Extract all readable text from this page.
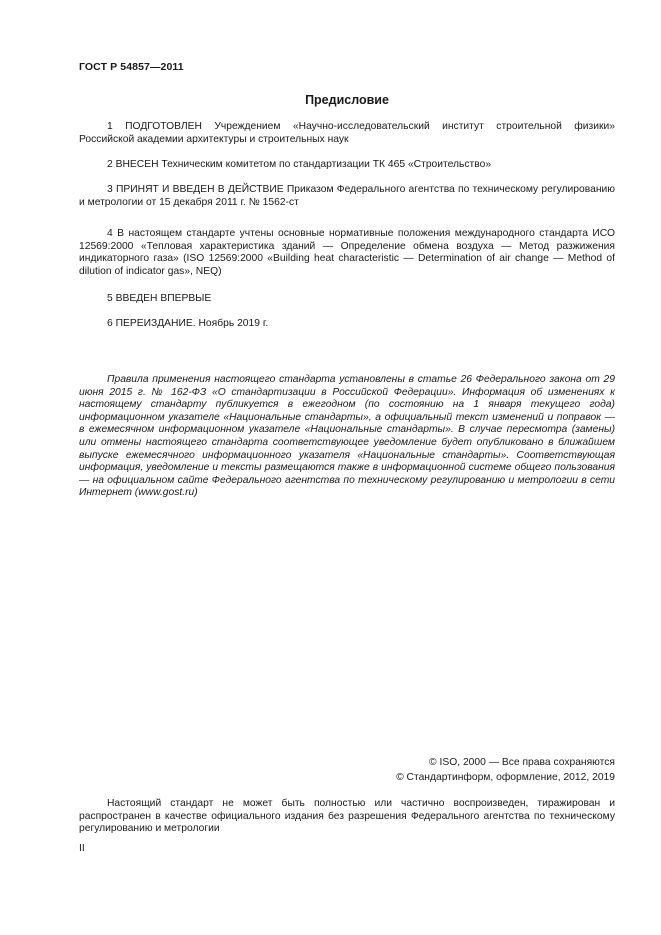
ГОСТ Р 54857—2011
Предисловие

1 ПОДГОТОВЛЕН Учреждением «Научно-исследовательский институт строительной физики» Российской академии архитектуры и строительных наук

2 ВНЕСЕН Техническим комитетом по стандартизации ТК 465 «Строительство»

3 ПРИНЯТ И ВВЕДЕН В ДЕЙСТВИЕ Приказом Федерального агентства по техническому регулированию и метрологии от 15 декабря 2011 г. № 1562-ст

4 В настоящем стандарте учтены основные нормативные положения международного стандарта ИСО 12569:2000 «Тепловая характеристика зданий — Определение обмена воздуха — Метод разжижения индикаторного газа» (ISO 12569:2000 «Building heat characteristic — Determination of air change — Method of dilution of indicator gas», NEQ)

5 ВВЕДЕН ВПЕРВЫЕ

6 ПЕРЕИЗДАНИЕ. Ноябрь 2019 г.

Правила применения настоящего стандарта установлены в статье 26 Федерального закона от 29 июня 2015 г. № 162-ФЗ «О стандартизации в Российской Федерации». Информация об изменениях к настоящему стандарту публикуется в ежегодном (по состоянию на 1 января текущего года) информационном указателе «Национальные стандарты», а официальный текст изменений и поправок — в ежемесячном информационном указателе «Национальные стандарты». В случае пересмотра (замены) или отмены настоящего стандарта соответствующее уведомление будет опубликовано в ближайшем выпуске ежемесячного информационного указателя «Национальные стандарты». Соответствующая информация, уведомление и тексты размещаются также в информационной системе общего пользования — на официальном сайте Федерального агентства по техническому регулированию и метрологии в сети Интернет (www.gost.ru)

© ISO, 2000 — Все права сохраняются
© Стандартинформ, оформление, 2012, 2019

Настоящий стандарт не может быть полностью или частично воспроизведен, тиражирован и распространен в качестве официального издания без разрешения Федерального агентства по техническому регулированию и метрологии

II
